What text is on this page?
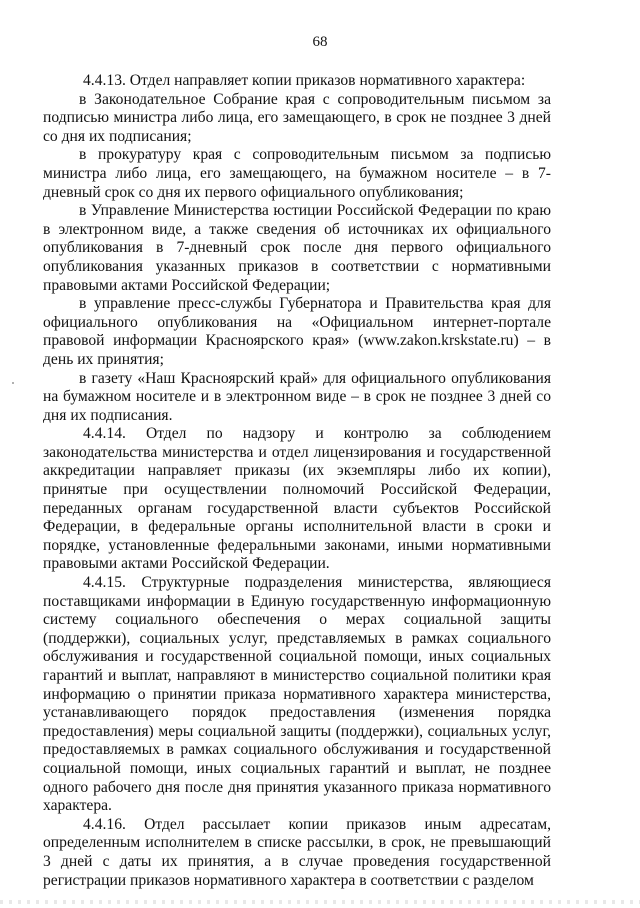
68

4.4.13. Отдел направляет копии приказов нормативного характера:

в Законодательное Собрание края с сопроводительным письмом за подписью министра либо лица, его замещающего, в срок не позднее 3 дней со дня их подписания;

в прокуратуру края с сопроводительным письмом за подписью министра либо лица, его замещающего, на бумажном носителе – в 7-дневный срок со дня их первого официального опубликования;

в Управление Министерства юстиции Российской Федерации по краю в электронном виде, а также сведения об источниках их официального опубликования в 7-дневный срок после дня первого официального опубликования указанных приказов в соответствии с нормативными правовыми актами Российской Федерации;

в управление пресс-службы Губернатора и Правительства края для официального опубликования на «Официальном интернет-портале правовой информации Красноярского края» (www.zakon.krskstate.ru) – в день их принятия;

в газету «Наш Красноярский край» для официального опубликования на бумажном носителе и в электронном виде – в срок не позднее 3 дней со дня их подписания.

4.4.14. Отдел по надзору и контролю за соблюдением законодательства министерства и отдел лицензирования и государственной аккредитации направляет приказы (их экземпляры либо их копии), принятые при осуществлении полномочий Российской Федерации, переданных органам государственной власти субъектов Российской Федерации, в федеральные органы исполнительной власти в сроки и порядке, установленные федеральными законами, иными нормативными правовыми актами Российской Федерации.

4.4.15. Структурные подразделения министерства, являющиеся поставщиками информации в Единую государственную информационную систему социального обеспечения о мерах социальной защиты (поддержки), социальных услуг, представляемых в рамках социального обслуживания и государственной социальной помощи, иных социальных гарантий и выплат, направляют в министерство социальной политики края информацию о принятии приказа нормативного характера министерства, устанавливающего порядок предоставления (изменения порядка предоставления) меры социальной защиты (поддержки), социальных услуг, предоставляемых в рамках социального обслуживания и государственной социальной помощи, иных социальных гарантий и выплат, не позднее одного рабочего дня после дня принятия указанного приказа нормативного характера.

4.4.16. Отдел рассылает копии приказов иным адресатам, определенным исполнителем в списке рассылки, в срок, не превышающий 3 дней с даты их принятия, а в случае проведения государственной регистрации приказов нормативного характера в соответствии с разделом
